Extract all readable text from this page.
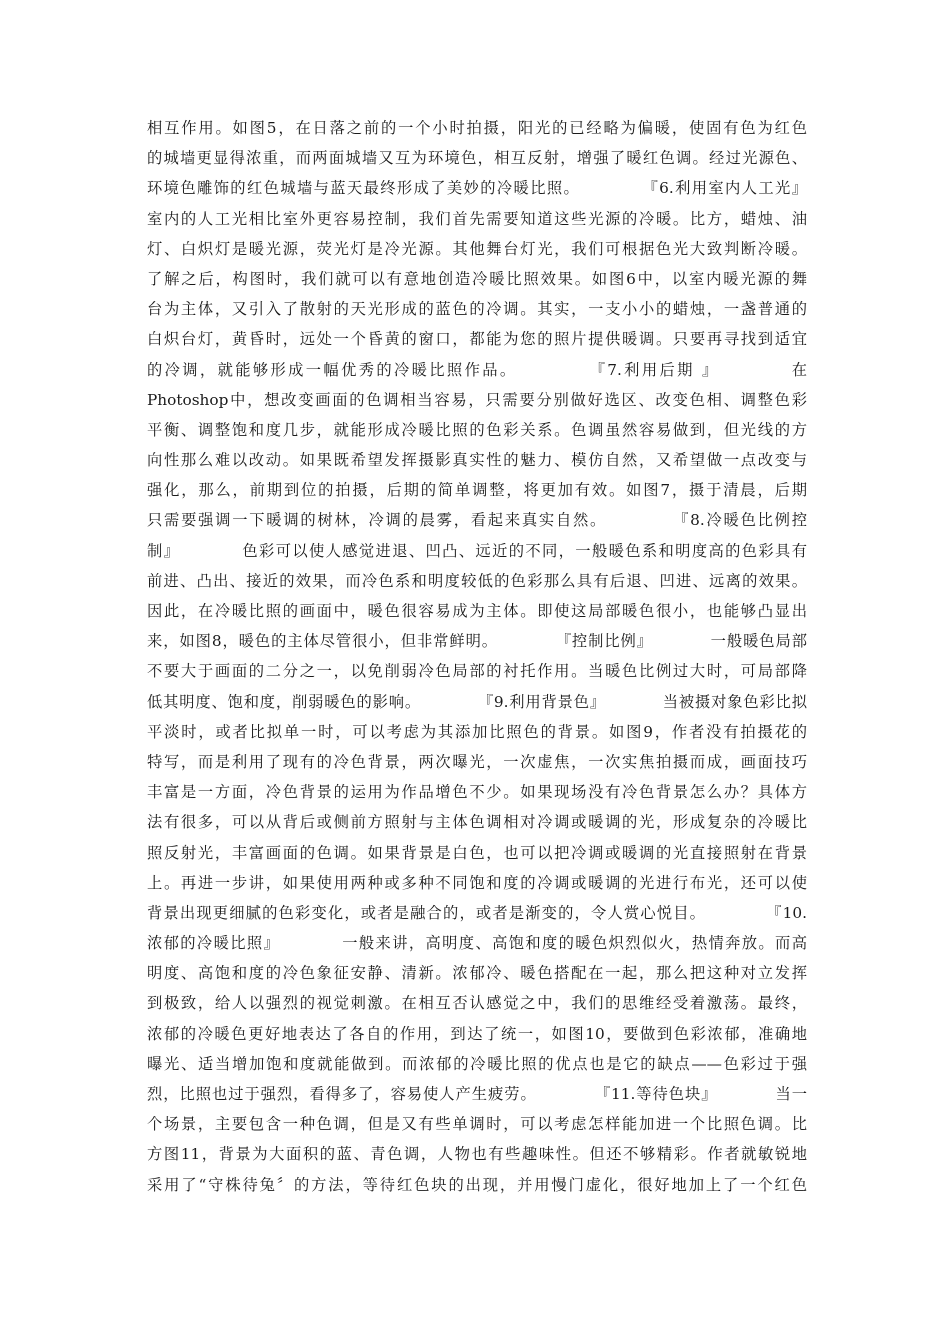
相互作用。如图5，在日落之前的一个小时拍摄，阳光的已经略为偏暖，使固有色为红色
的城墙更显得浓重，而两面城墙又互为环境色，相互反射，增强了暖红色调。经过光源色、
环境色雕饰的红色城墙与蓝天最终形成了美妙的冷暖比照。          『6.利用室内人工光』
室内的人工光相比室外更容易控制，我们首先需要知道这些光源的冷暖。比方，蜡烛、油
灯、白炽灯是暖光源，荧光灯是冷光源。其他舞台灯光，我们可根据色光大致判断冷暖。
了解之后，构图时，我们就可以有意地创造冷暖比照效果。如图6中，以室内暖光源的舞
台为主体，又引入了散射的天光形成的蓝色的冷调。其实，一支小小的蜡烛，一盏普通的
白炽台灯，黄昏时，远处一个昏黄的窗口，都能为您的照片提供暖调。只要再寻找到适宜
的冷调，就能够形成一幅优秀的冷暖比照作品。          『7.利用后期 』          在
Photoshop中，想改变画面的色调相当容易，只需要分别做好选区、改变色相、调整色彩
平衡、调整饱和度几步，就能形成冷暖比照的色彩关系。色调虽然容易做到，但光线的方
向性那么难以改动。如果既希望发挥摄影真实性的魅力、模仿自然，又希望做一点改变与
强化，那么，前期到位的拍摄，后期的简单调整，将更加有效。如图7，摄于清晨，后期
只需要强调一下暖调的树林，冷调的晨雾，看起来真实自然。          『8.冷暖色比例控
制』          色彩可以使人感觉进退、凹凸、远近的不同，一般暖色系和明度高的色彩具有
前进、凸出、接近的效果，而冷色系和明度较低的色彩那么具有后退、凹进、远离的效果。
因此，在冷暖比照的画面中，暖色很容易成为主体。即使这局部暖色很小，也能够凸显出
来，如图8，暖色的主体尽管很小，但非常鲜明。          『控制比例』          一般暖色局部
不要大于画面的二分之一，以免削弱冷色局部的衬托作用。当暖色比例过大时，可局部降
低其明度、饱和度，削弱暖色的影响。          『9.利用背景色』          当被摄对象色彩比拟
平淡时，或者比拟单一时，可以考虑为其添加比照色的背景。如图9，作者没有拍摄花的
特写，而是利用了现有的冷色背景，两次曝光，一次虚焦，一次实焦拍摄而成，画面技巧
丰富是一方面，冷色背景的运用为作品增色不少。如果现场没有冷色背景怎么办？具体方
法有很多，可以从背后或侧前方照射与主体色调相对冷调或暖调的光，形成复杂的冷暖比
照反射光，丰富画面的色调。如果背景是白色，也可以把冷调或暖调的光直接照射在背景
上。再进一步讲，如果使用两种或多种不同饱和度的冷调或暖调的光进行布光，还可以使
背景出现更细腻的色彩变化，或者是融合的，或者是渐变的，令人赏心悦目。          『10.
浓郁的冷暖比照』          一般来讲，高明度、高饱和度的暖色炽烈似火，热情奔放。而高
明度、高饱和度的冷色象征安静、清新。浓郁冷、暖色搭配在一起，那么把这种对立发挥
到极致，给人以强烈的视觉刺激。在相互否认感觉之中，我们的思维经受着激荡。最终，
浓郁的冷暖色更好地表达了各自的作用，到达了统一，如图10，要做到色彩浓郁，准确地
曝光、适当增加饱和度就能做到。而浓郁的冷暖比照的优点也是它的缺点——色彩过于强
烈，比照也过于强烈，看得多了，容易使人产生疲劳。          『11.等待色块』          当一
个场景，主要包含一种色调，但是又有些单调时，可以考虑怎样能加进一个比照色调。比
方图11，背景为大面积的蓝、青色调，人物也有些趣味性。但还不够精彩。作者就敏锐地
采用了“守株待兔〞的方法，等待红色块的出现，并用慢门虚化，很好地加上了一个红色
